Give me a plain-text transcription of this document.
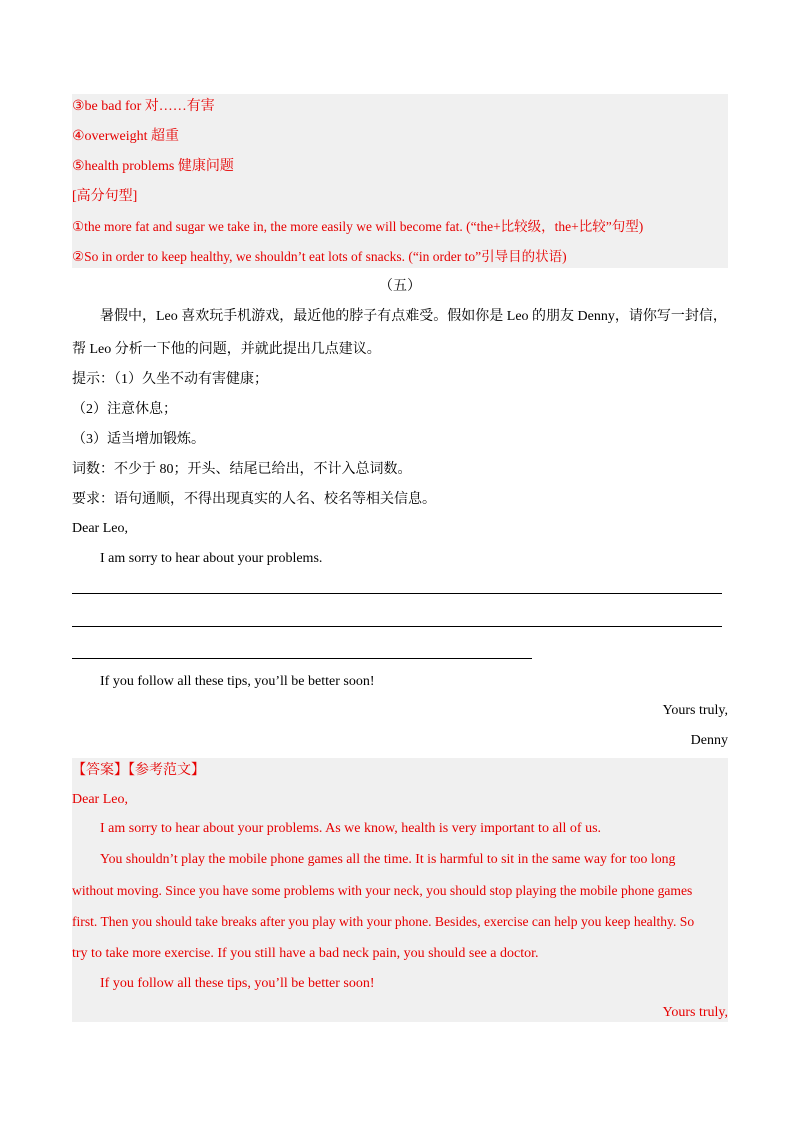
③be bad for 对……有害
④overweight 超重
⑤health problems 健康问题
[高分句型]
①the more fat and sugar we take in, the more easily we will become fat. (“the+比较级，the+比较”句型)
②So in order to keep healthy, we shouldn’t eat lots of snacks. (“in order to”引导目的状语)
（五）
暑假中，Leo 喜欢玩手机游戏，最近他的脖子有点难受。假如你是 Leo 的朋友 Denny，请你写一封信，
帮 Leo 分析一下他的问题，并就此提出几点建议。
提示：（1）久坐不动有害健康；
（2）注意休息；
（3）适当增加锻炼。
词数：不少于 80；开头、结尾已给出，不计入总词数。
要求：语句通顺，不得出现真实的人名、校名等相关信息。
Dear Leo,
I am sorry to hear about your problems.
If you follow all these tips, you’ll be better soon!
Yours truly,
Denny
【答案】【参考范文】
Dear Leo,
I am sorry to hear about your problems. As we know, health is very important to all of us.
You shouldn’t play the mobile phone games all the time. It is harmful to sit in the same way for too long
without moving. Since you have some problems with your neck, you should stop playing the mobile phone games
first. Then you should take breaks after you play with your phone. Besides, exercise can help you keep healthy. So
try to take more exercise. If you still have a bad neck pain, you should see a doctor.
If you follow all these tips, you’ll be better soon!
Yours truly,
